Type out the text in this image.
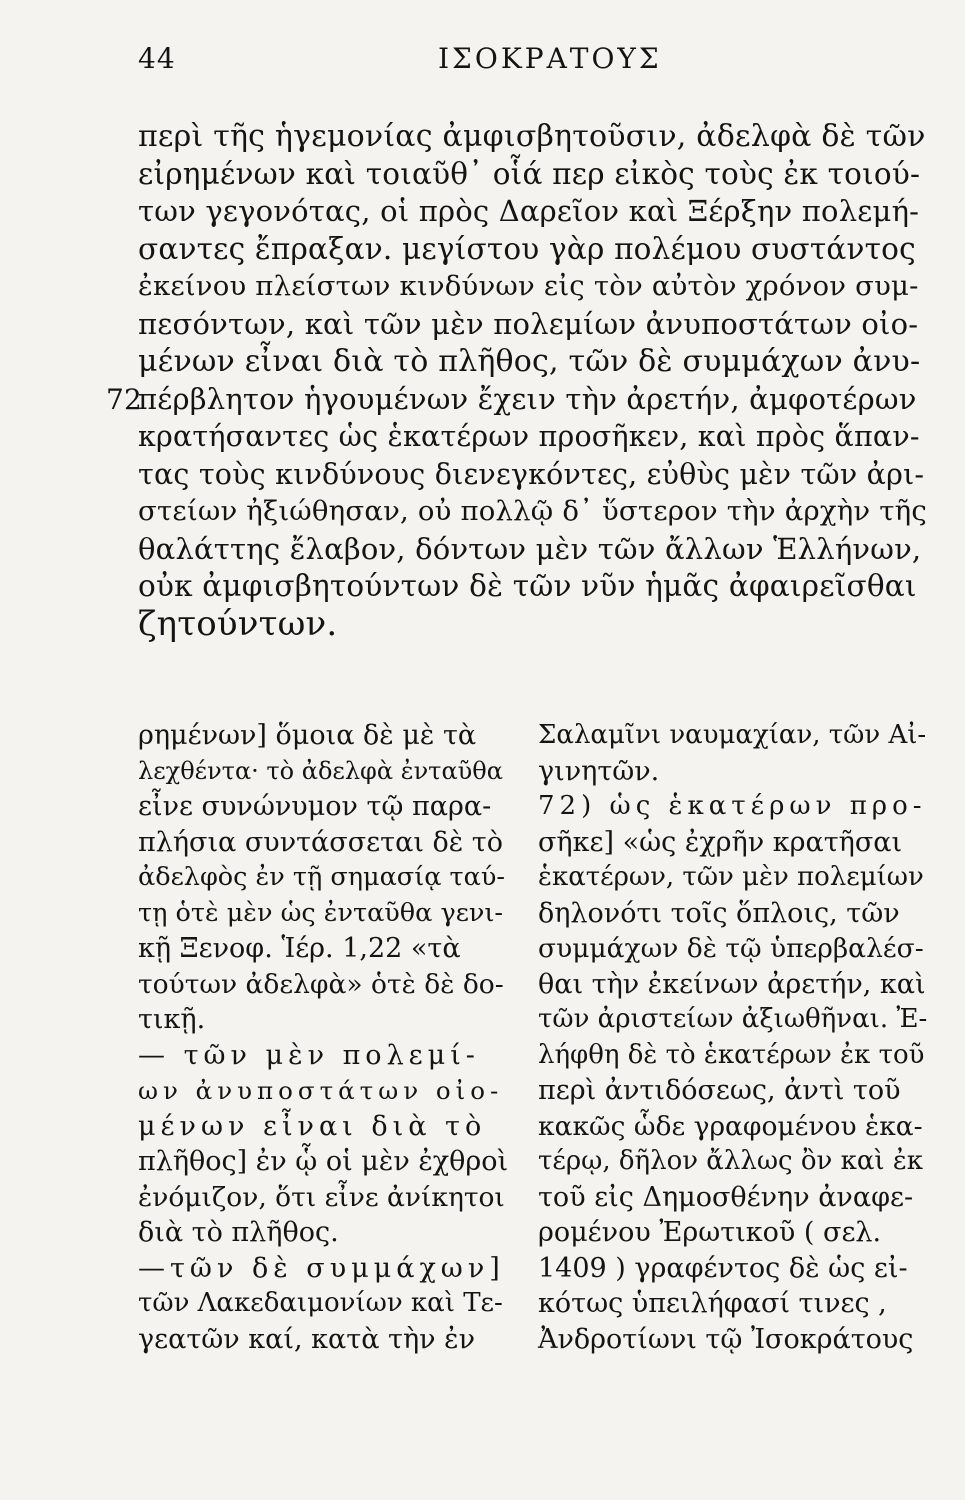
44	ΙΣΟΚΡΑΤΟΥΣ
περὶ τῆς ἡγεμονίας ἀμφισβητοῦσιν, ἀδελφὰ δὲ τῶν
εἰρημένων καὶ τοιαῦθ᾽ οἷά περ εἰκὸς τοὺς ἐκ τοιού-
των γεγονότας, οἱ πρὸς Δαρεῖον καὶ Ξέρξην πολεμή-
σαντες ἔπραξαν. μεγίστου γὰρ πολέμου συστάντος
ἐκείνου πλείστων κινδύνων εἰς τὸν αὐτὸν χρόνον συμ-
πεσόντων, καὶ τῶν μὲν πολεμίων ἀνυποστάτων οἰο-
μένων εἶναι διὰ τὸ πλῆθος, τῶν δὲ συμμάχων ἀνυ-
72
πέρβλητον ἡγουμένων ἔχειν τὴν ἀρετήν, ἀμφοτέρων
κρατήσαντες ὡς ἑκατέρων προσῆκεν, καὶ πρὸς ἅπαν-
τας τοὺς κινδύνους διενεγκόντες, εὐθὺς μὲν τῶν ἀρι-
στείων ἠξιώθησαν, οὐ πολλῷ δ᾽ ὕστερον τὴν ἀρχὴν τῆς
θαλάττης ἔλαβον, δόντων μὲν τῶν ἄλλων Ἑλλήνων,
οὐκ ἀμφισβητούντων δὲ τῶν νῦν ἡμᾶς ἀφαιρεῖσθαι
ζητούντων.
ρημένων] ὅμοια δὲ μὲ τὰ
λεχθέντα· τὸ ἀδελφὰ ἐνταῦθα
εἶνε συνώνυμον τῷ παρα-
πλήσια συντάσσεται δὲ τὸ
ἀδελφὸς ἐν τῇ σημασίᾳ ταύ-
τῃ ὁτὲ μὲν ὡς ἐνταῦθα γενι-
κῇ Ξενοφ. Ἱέρ. 1,22 «τὰ
τούτων ἀδελφὰ» ὁτὲ δὲ δο-
τικῇ.
— τῶν μὲν πολεμί-
ων ἀνυποστάτων οἰο-
μένων εἶναι διὰ τὸ
πλῆθος] ἐν ᾧ οἱ μὲν ἐχθροὶ
ἐνόμιζον, ὅτι εἶνε ἀνίκητοι
διὰ τὸ πλῆθος.
—τῶν δὲ συμμάχων]
τῶν Λακεδαιμονίων καὶ Τε-
γεατῶν καί, κατὰ τὴν ἐν
Σαλαμῖνι ναυμαχίαν, τῶν Αἰ-
γινητῶν.
72) ὡς ἑκατέρων προ-
σῆκε] «ὡς ἐχρῆν κρατῆσαι
ἑκατέρων, τῶν μὲν πολεμίων
δηλονότι τοῖς ὅπλοις, τῶν
συμμάχων δὲ τῷ ὑπερβαλέσ-
θαι τὴν ἐκείνων ἀρετήν, καὶ
τῶν ἀριστείων ἀξιωθῆναι. Ἐ-
λήφθη δὲ τὸ ἑκατέρων ἐκ τοῦ
περὶ ἀντιδόσεως, ἀντὶ τοῦ
κακῶς ὧδε γραφομένου ἑκα-
τέρῳ, δῆλον ἄλλως ὂν καὶ ἐκ
τοῦ εἰς Δημοσθένην ἀναφε-
ρομένου Ἐρωτικοῦ ( σελ.
1409 ) γραφέντος δὲ ὡς εἰ-
κότως ὑπειλήφασί τινες ,
Ἀνδροτίωνι τῷ Ἰσοκράτους
